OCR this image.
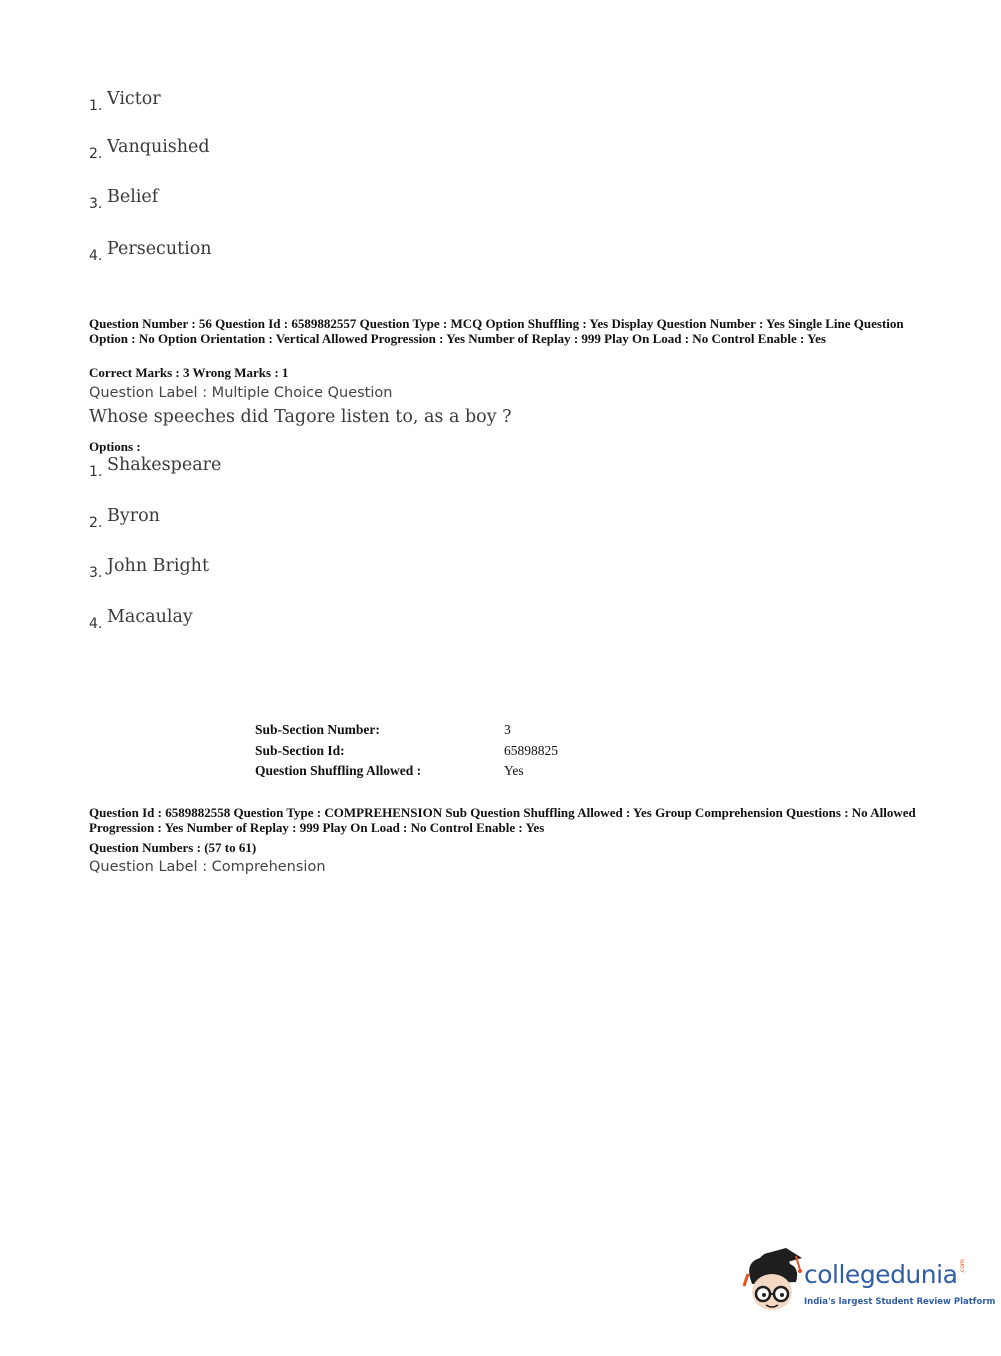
1. Victor
2. Vanquished
3. Belief
4. Persecution
Question Number : 56 Question Id : 6589882557 Question Type : MCQ Option Shuffling : Yes Display Question Number : Yes Single Line Question Option : No Option Orientation : Vertical Allowed Progression : Yes Number of Replay : 999 Play On Load : No Control Enable : Yes
Correct Marks : 3 Wrong Marks : 1
Question Label : Multiple Choice Question
Whose speeches did Tagore listen to, as a boy ?
Options :
1. Shakespeare
2. Byron
3. John Bright
4. Macaulay
Sub-Section Number:	3
Sub-Section Id:	65898825
Question Shuffling Allowed :	Yes
Question Id : 6589882558 Question Type : COMPREHENSION Sub Question Shuffling Allowed : Yes Group Comprehension Questions : No Allowed Progression : Yes Number of Replay : 999 Play On Load : No Control Enable : Yes
Question Numbers : (57 to 61)
Question Label : Comprehension
collegedunia .com
India's largest Student Review Platform
